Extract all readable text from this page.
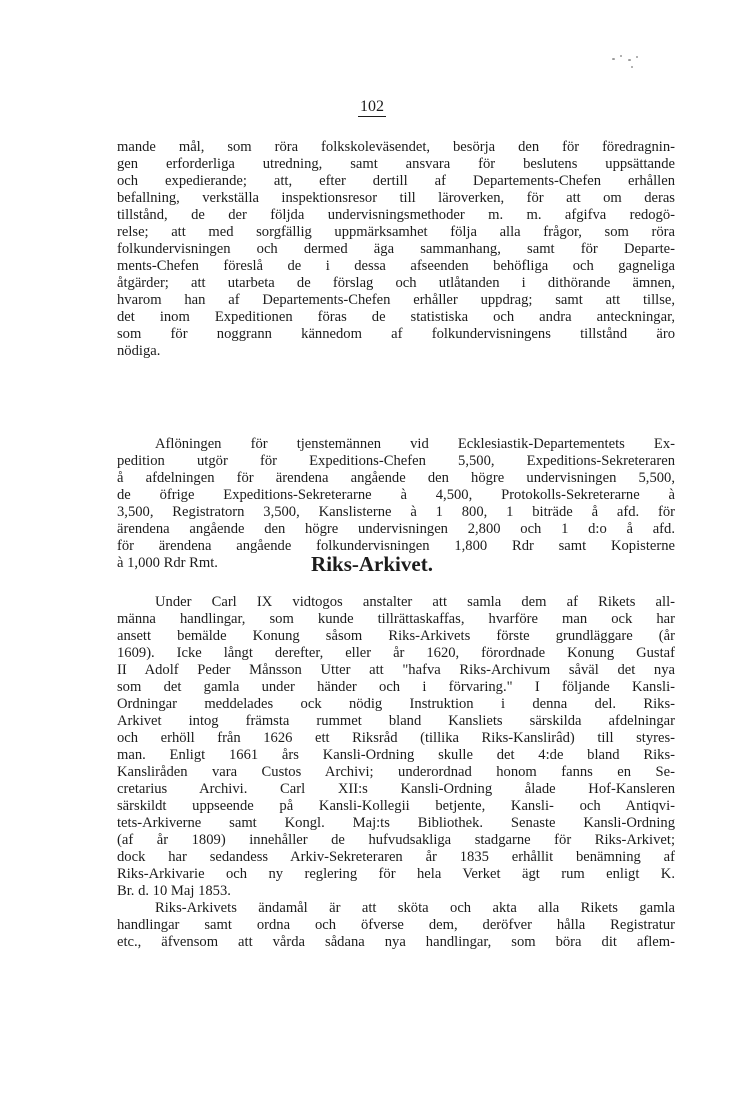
102
mande mål, som röra folkskoleväsendet, besörja den för föredragnin-
gen erforderliga utredning, samt ansvara för beslutens uppsättande
och expedierande; att, efter dertill af Departements-Chefen erhållen
befallning, verkställa inspektionsresor till läroverken, för att om deras
tillstånd, de der följda undervisningsmethoder m. m. afgifva redogö-
relse; att med sorgfällig uppmärksamhet följa alla frågor, som röra
folkundervisningen och dermed äga sammanhang, samt för Departe-
ments-Chefen föreslå de i dessa afseenden behöfliga och gagneliga
åtgärder; att utarbeta de förslag och utlåtanden i dithörande ämnen,
hvarom han af Departements-Chefen erhåller uppdrag; samt att tillse,
det inom Expeditionen föras de statistiska och andra anteckningar,
som för noggrann kännedom af folkundervisningens tillstånd äro
nödiga.
Aflöningen för tjenstemännen vid Ecklesiastik-Departementets Ex-
pedition utgör för Expeditions-Chefen 5,500, Expeditions-Sekreteraren
å afdelningen för ärendena angående den högre undervisningen 5,500,
de öfrige Expeditions-Sekreterarne à 4,500, Protokolls-Sekreterarne à
3,500, Registratorn 3,500, Kanslisterne à 1 800, 1 biträde å afd. för
ärendena angående den högre undervisningen 2,800 och 1 d:o å afd.
för ärendena angående folkundervisningen 1,800 Rdr samt Kopisterne
à 1,000 Rdr Rmt.	Riks-Arkivet.
Under Carl IX vidtogos anstalter att samla dem af Rikets all-
männa handlingar, som kunde tillrättaskaffas, hvarföre man ock har
ansett bemälde Konung såsom Riks-Arkivets förste grundläggare (år
1609). Icke långt derefter, eller år 1620, förordnade Konung Gustaf
II Adolf Peder Månsson Utter att "hafva Riks-Archivum såväl det nya
som det gamla under händer och i förvaring." I följande Kansli-
Ordningar meddelades ock nödig Instruktion i denna del. Riks-
Arkivet intog främsta rummet bland Kansliets särskilda afdelningar
och erhöll från 1626 ett Riksråd (tillika Riks-Kanslirâd) till styres-
man. Enligt 1661 års Kansli-Ordning skulle det 4:de bland Riks-
Kansliråden vara Custos Archivi; underordnad honom fanns en Se-
cretarius Archivi. Carl XII:s Kansli-Ordning ålade Hof-Kansleren
särskildt uppseende på Kansli-Kollegii betjente, Kansli- och Antiqvi-
tets-Arkiverne samt Kongl. Maj:ts Bibliothek. Senaste Kansli-Ordning
(af år 1809) innehåller de hufvudsakliga stadgarne för Riks-Arkivet;
dock har sedandess Arkiv-Sekreteraren år 1835 erhållit benämning af
Riks-Arkivarie och ny reglering för hela Verket ägt rum enligt K.
Br. d. 10 Maj 1853.
Riks-Arkivets ändamål är att sköta och akta alla Rikets gamla
handlingar samt ordna och öfverse dem, deröfver hålla Registratur
etc., äfvensom att vårda sådana nya handlingar, som böra dit aflem-
